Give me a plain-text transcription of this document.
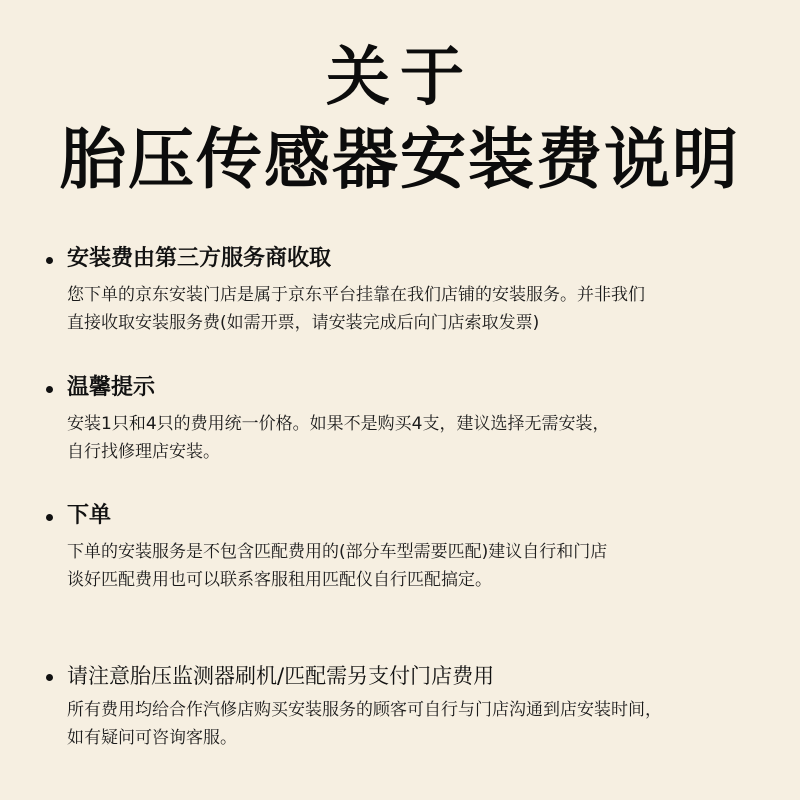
关于
胎压传感器安装费说明
安装费由第三方服务商收取
您下单的京东安装门店是属于京东平台挂靠在我们店铺的安装服务。并非我们
直接收取安装服务费(如需开票，请安装完成后向门店索取发票)
温馨提示
安装1只和4只的费用统一价格。如果不是购买4支，建议选择无需安装，
自行找修理店安装。
下单
下单的安装服务是不包含匹配费用的(部分车型需要匹配)建议自行和门店
谈好匹配费用也可以联系客服租用匹配仪自行匹配搞定。
请注意胎压监测器刷机/匹配需另支付门店费用
所有费用均给合作汽修店购买安装服务的顾客可自行与门店沟通到店安装时间，
如有疑问可咨询客服。
